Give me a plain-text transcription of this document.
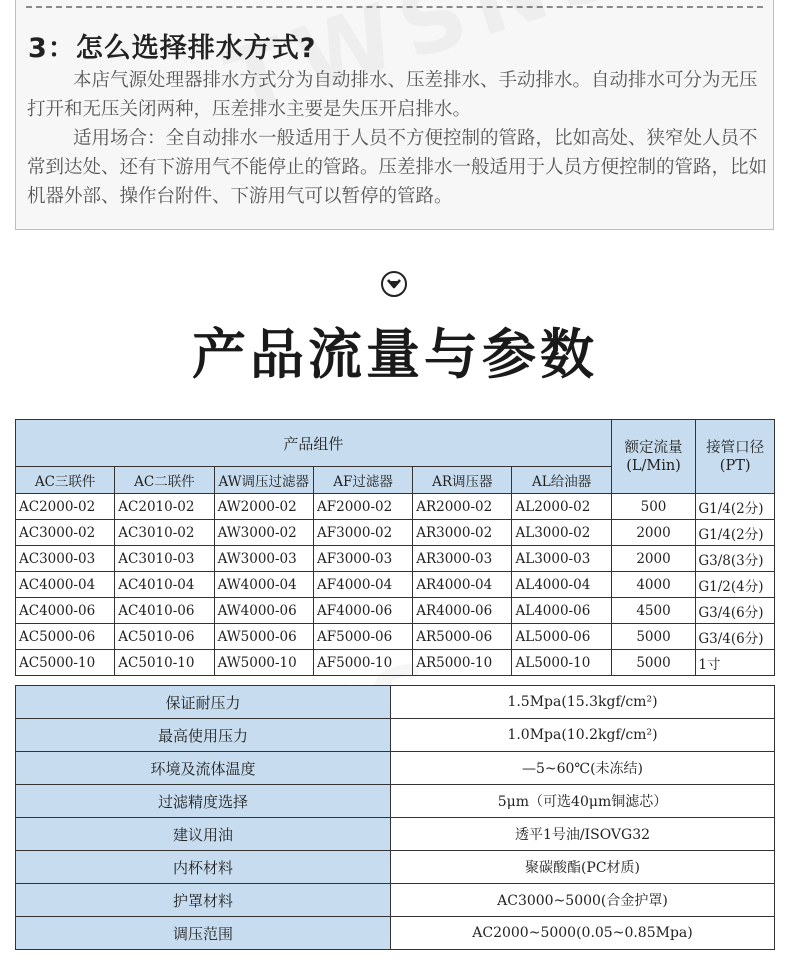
3：怎么选择排水方式?

本店气源处理器排水方式分为自动排水、压差排水、手动排水。自动排水可分为无压打开和无压关闭两种，压差排水主要是失压开启排水。

适用场合：全自动排水一般适用于人员不方便控制的管路，比如高处、狭窄处人员不常到达处、还有下游用气不能停止的管路。压差排水一般适用于人员方便控制的管路，比如机器外部、操作台附件、下游用气可以暂停的管路。

产品流量与参数
产品组件						额定流量(L/Min)	接管口径(PT)
AC三联件	AC二联件	AW调压过滤器	AF过滤器	AR调压器	AL给油器		
AC2000-02	AC2010-02	AW2000-02	AF2000-02	AR2000-02	AL2000-02	500	G1/4(2分)
AC3000-02	AC3010-02	AW3000-02	AF3000-02	AR3000-02	AL3000-02	2000	G1/4(2分)
AC3000-03	AC3010-03	AW3000-03	AF3000-03	AR3000-03	AL3000-03	2000	G3/8(3分)
AC4000-04	AC4010-04	AW4000-04	AF4000-04	AR4000-04	AL4000-04	4000	G1/2(4分)
AC4000-06	AC4010-06	AW4000-06	AF4000-06	AR4000-06	AL4000-06	4500	G3/4(6分)
AC5000-06	AC5010-06	AW5000-06	AF5000-06	AR5000-06	AL5000-06	5000	G3/4(6分)
AC5000-10	AC5010-10	AW5000-10	AF5000-10	AR5000-10	AL5000-10	5000	1寸
保证耐压力	1.5Mpa(15.3kgf/cm²)
最高使用压力	1.0Mpa(10.2kgf/cm²)
环境及流体温度	—5~60℃(未冻结)
过滤精度选择	5μm（可选40μm铜滤芯）
建议用油	透平1号油/ISOVG32
内杯材料	聚碳酸酯(PC材质)
护罩材料	AC3000~5000(合金护罩)
调压范围	AC2000~5000(0.05~0.85Mpa)
